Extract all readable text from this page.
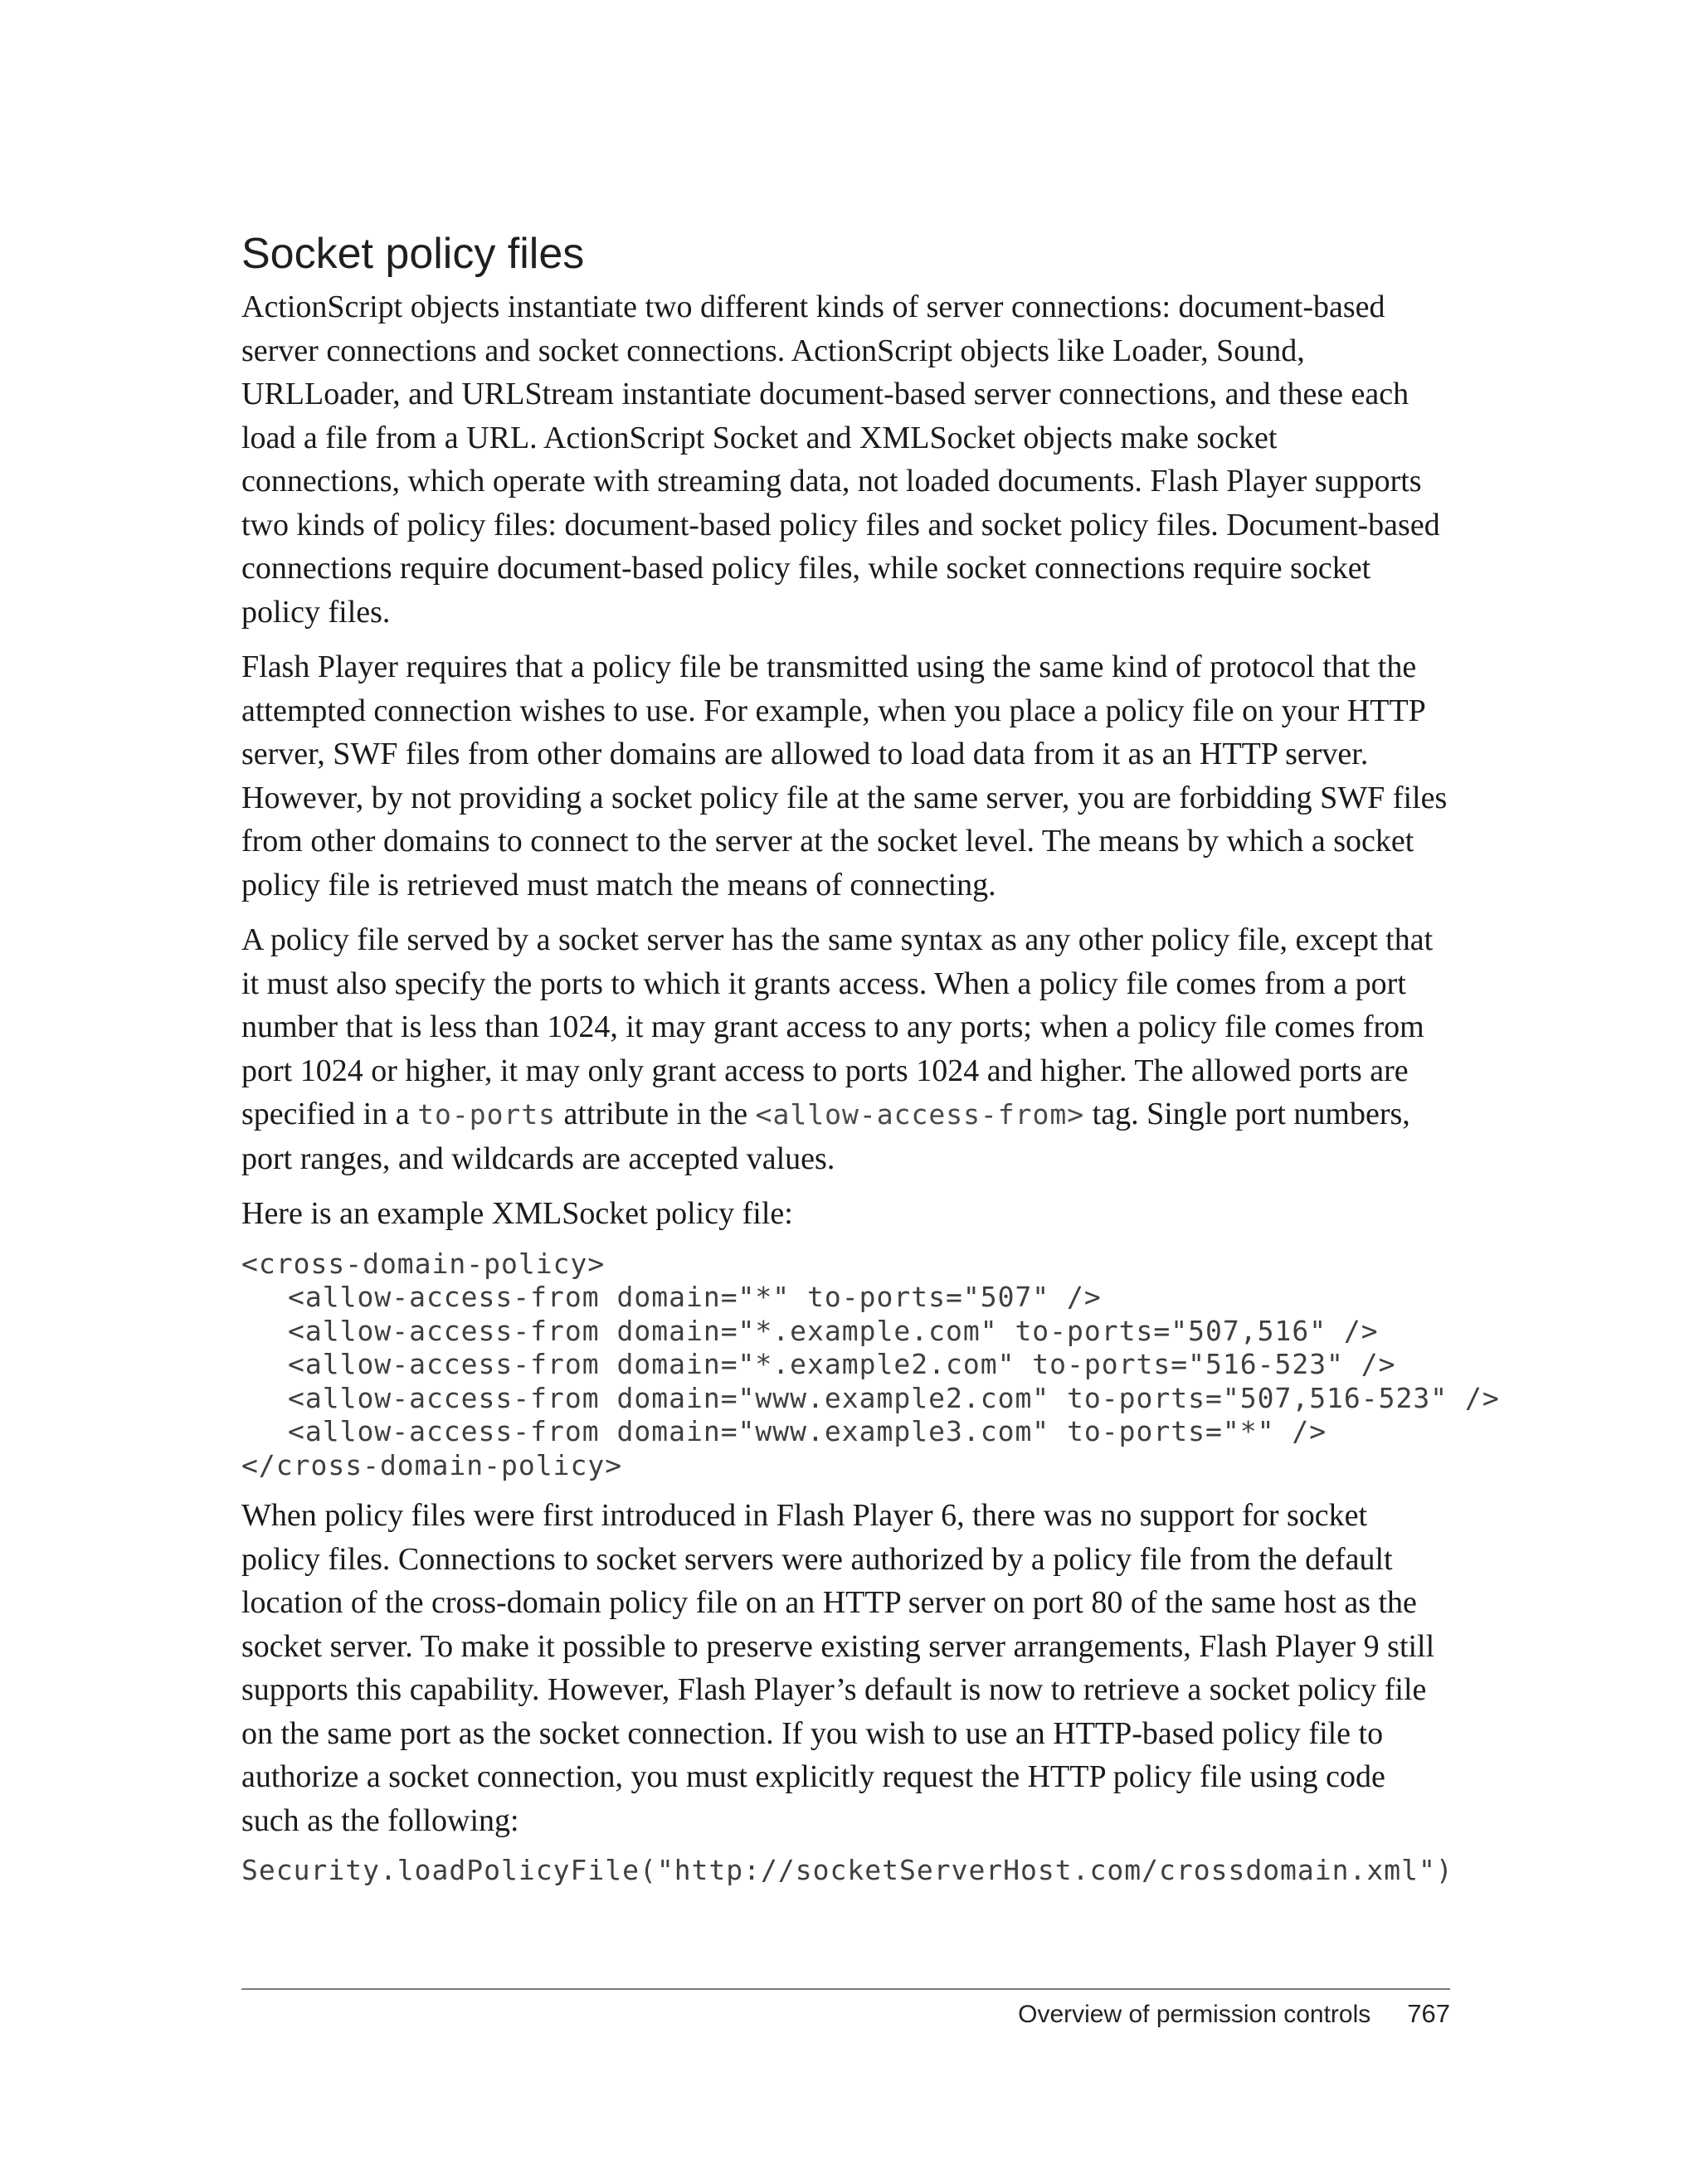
Socket policy files

ActionScript objects instantiate two different kinds of server connections: document-based
server connections and socket connections. ActionScript objects like Loader, Sound,
URLLoader, and URLStream instantiate document-based server connections, and these each
load a file from a URL. ActionScript Socket and XMLSocket objects make socket
connections, which operate with streaming data, not loaded documents. Flash Player supports
two kinds of policy files: document-based policy files and socket policy files. Document-based
connections require document-based policy files, while socket connections require socket
policy files.

Flash Player requires that a policy file be transmitted using the same kind of protocol that the
attempted connection wishes to use. For example, when you place a policy file on your HTTP
server, SWF files from other domains are allowed to load data from it as an HTTP server.
However, by not providing a socket policy file at the same server, you are forbidding SWF files
from other domains to connect to the server at the socket level. The means by which a socket
policy file is retrieved must match the means of connecting.

A policy file served by a socket server has the same syntax as any other policy file, except that
it must also specify the ports to which it grants access. When a policy file comes from a port
number that is less than 1024, it may grant access to any ports; when a policy file comes from
port 1024 or higher, it may only grant access to ports 1024 and higher. The allowed ports are
specified in a to-ports attribute in the <allow-access-from> tag. Single port numbers,
port ranges, and wildcards are accepted values.

Here is an example XMLSocket policy file:

<cross-domain-policy>
<allow-access-from domain="*" to-ports="507" />
<allow-access-from domain="*.example.com" to-ports="507,516" />
<allow-access-from domain="*.example2.com" to-ports="516-523" />
<allow-access-from domain="www.example2.com" to-ports="507,516-523" />
<allow-access-from domain="www.example3.com" to-ports="*" />
</cross-domain-policy>

When policy files were first introduced in Flash Player 6, there was no support for socket
policy files. Connections to socket servers were authorized by a policy file from the default
location of the cross-domain policy file on an HTTP server on port 80 of the same host as the
socket server. To make it possible to preserve existing server arrangements, Flash Player 9 still
supports this capability. However, Flash Player’s default is now to retrieve a socket policy file
on the same port as the socket connection. If you wish to use an HTTP-based policy file to
authorize a socket connection, you must explicitly request the HTTP policy file using code
such as the following:

Security.loadPolicyFile("http://socketServerHost.com/crossdomain.xml")
Overview of permission controls 767
